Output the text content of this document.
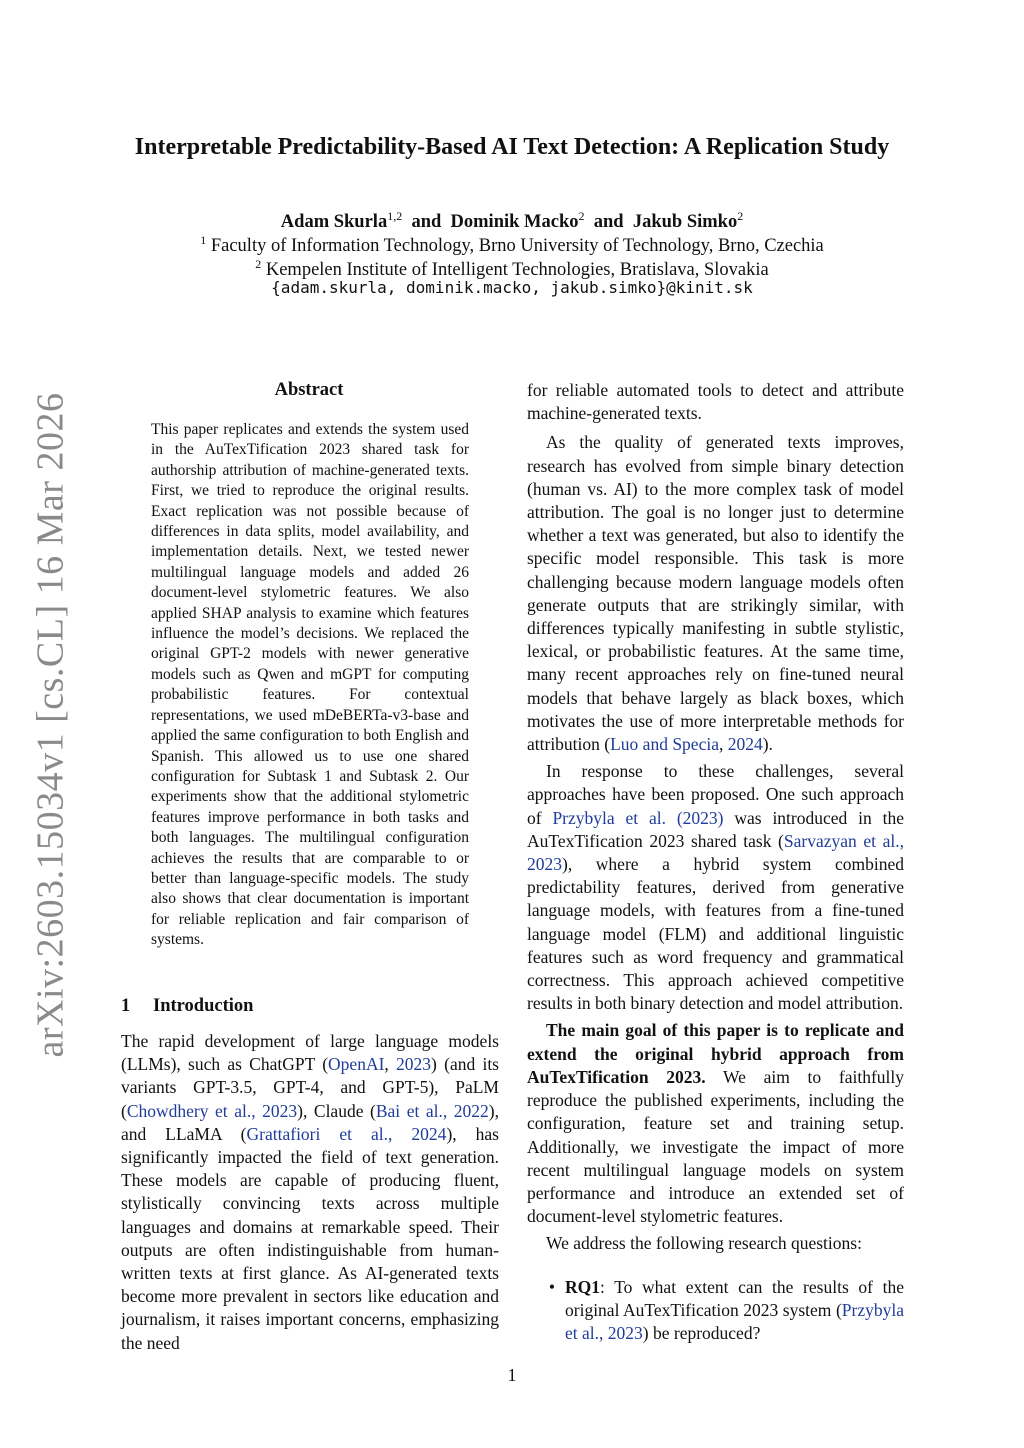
Interpretable Predictability-Based AI Text Detection: A Replication Study
Adam Skurla$^{1,2}$ and Dominik Macko$^2$ and Jakub Simko$^2$
$^1$ Faculty of Information Technology, Brno University of Technology, Brno, Czechia
$^2$ Kempelen Institute of Intelligent Technologies, Bratislava, Slovakia
{adam.skurla, dominik.macko, jakub.simko}@kinit.sk
arXiv:2603.15034v1 [cs.CL] 16 Mar 2026
Abstract

This paper replicates and extends the system used in the AuTexTification 2023 shared task for authorship attribution of machine-generated texts. First, we tried to reproduce the original results. Exact replication was not possible because of differences in data splits, model availability, and implementation details. Next, we tested newer multilingual language models and added 26 document-level stylometric features. We also applied SHAP analysis to examine which features influence the model’s decisions. We replaced the original GPT-2 models with newer generative models such as Qwen and mGPT for computing probabilistic features. For contextual representations, we used mDeBERTa-v3-base and applied the same configuration to both English and Spanish. This allowed us to use one shared configuration for Subtask 1 and Subtask 2. Our experiments show that the additional stylometric features improve performance in both tasks and both languages. The multilingual configuration achieves the results that are comparable to or better than language-specific models. The study also shows that clear documentation is important for reliable replication and fair comparison of systems.

1 Introduction

The rapid development of large language models (LLMs), such as ChatGPT (OpenAI, 2023) (and its variants GPT-3.5, GPT-4, and GPT-5), PaLM (Chowdhery et al., 2023), Claude (Bai et al., 2022), and LLaMA (Grattafiori et al., 2024), has significantly impacted the field of text generation. These models are capable of producing fluent, stylistically convincing texts across multiple languages and domains at remarkable speed. Their outputs are often indistinguishable from human-written texts at first glance. As AI-generated texts become more prevalent in sectors like education and journalism, it raises important concerns, emphasizing the need

for reliable automated tools to detect and attribute machine-generated texts.

As the quality of generated texts improves, research has evolved from simple binary detection (human vs. AI) to the more complex task of model attribution. The goal is no longer just to determine whether a text was generated, but also to identify the specific model responsible. This task is more challenging because modern language models often generate outputs that are strikingly similar, with differences typically manifesting in subtle stylistic, lexical, or probabilistic features. At the same time, many recent approaches rely on fine-tuned neural models that behave largely as black boxes, which motivates the use of more interpretable methods for attribution (Luo and Specia, 2024).

In response to these challenges, several approaches have been proposed. One such approach of Przybyla et al. (2023) was introduced in the AuTexTification 2023 shared task (Sarvazyan et al., 2023), where a hybrid system combined predictability features, derived from generative language models, with features from a fine-tuned language model (FLM) and additional linguistic features such as word frequency and grammatical correctness. This approach achieved competitive results in both binary detection and model attribution.

The main goal of this paper is to replicate and extend the original hybrid approach from AuTexTification 2023. We aim to faithfully reproduce the published experiments, including the configuration, feature set and training setup. Additionally, we investigate the impact of more recent multilingual language models on system performance and introduce an extended set of document-level stylometric features.

We address the following research questions:

• RQ1: To what extent can the results of the original AuTexTification 2023 system (Przybyla et al., 2023) be reproduced?
1
